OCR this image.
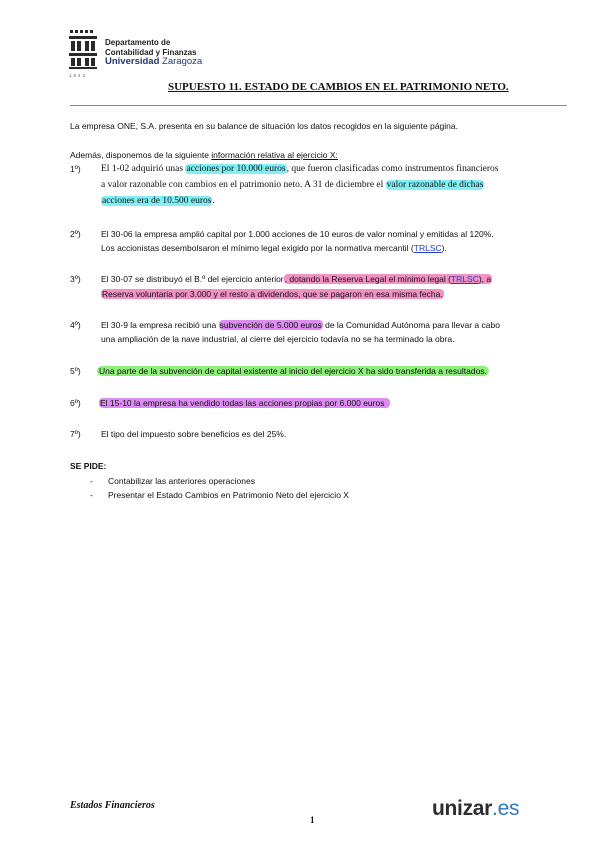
Departamento de
Contabilidad y Finanzas
Universidad Zaragoza
1542
SUPUESTO 11. ESTADO DE CAMBIOS EN EL PATRIMONIO NETO.
La empresa ONE, S.A. presenta en su balance de situación los datos recogidos en la siguiente página.
Además, disponemos de la siguiente información relativa al ejercicio X:
1º) El 1-02 adquirió unas acciones por 10.000 euros, que fueron clasificadas como instrumentos financieros
a valor razonable con cambios en el patrimonio neto. A 31 de diciembre el valor razonable de dichas
acciones era de 10.500 euros.
2º) El 30-06 la empresa amplió capital por 1.000 acciones de 10 euros de valor nominal y emitidas al 120%.
Los accionistas desembolsaron el mínimo legal exigido por la normativa mercantil (TRLSC).
3º) El 30-07 se distribuyó el B.º del ejercicio anterior, dotando la Reserva Legal el mínimo legal (TRLSC), a
Reserva voluntaria por 3.000 y el resto a dividendos, que se pagaron en esa misma fecha.
4º) El 30-9 la empresa recibió una subvención de 5.000 euros de la Comunidad Autónoma para llevar a cabo
una ampliación de la nave industrial, al cierre del ejercicio todavía no se ha terminado la obra.
5º) Una parte de la subvención de capital existente al inicio del ejercicio X ha sido transferida a resultados.
6º) El 15-10 la empresa ha vendido todas las acciones propias por 6.000 euros
7º) El tipo del impuesto sobre beneficios es del 25%.
SE PIDE:
- Contabilizar las anteriores operaciones
- Presentar el Estado Cambios en Patrimonio Neto del ejercicio X
Estados Financieros
1	unizar.es
